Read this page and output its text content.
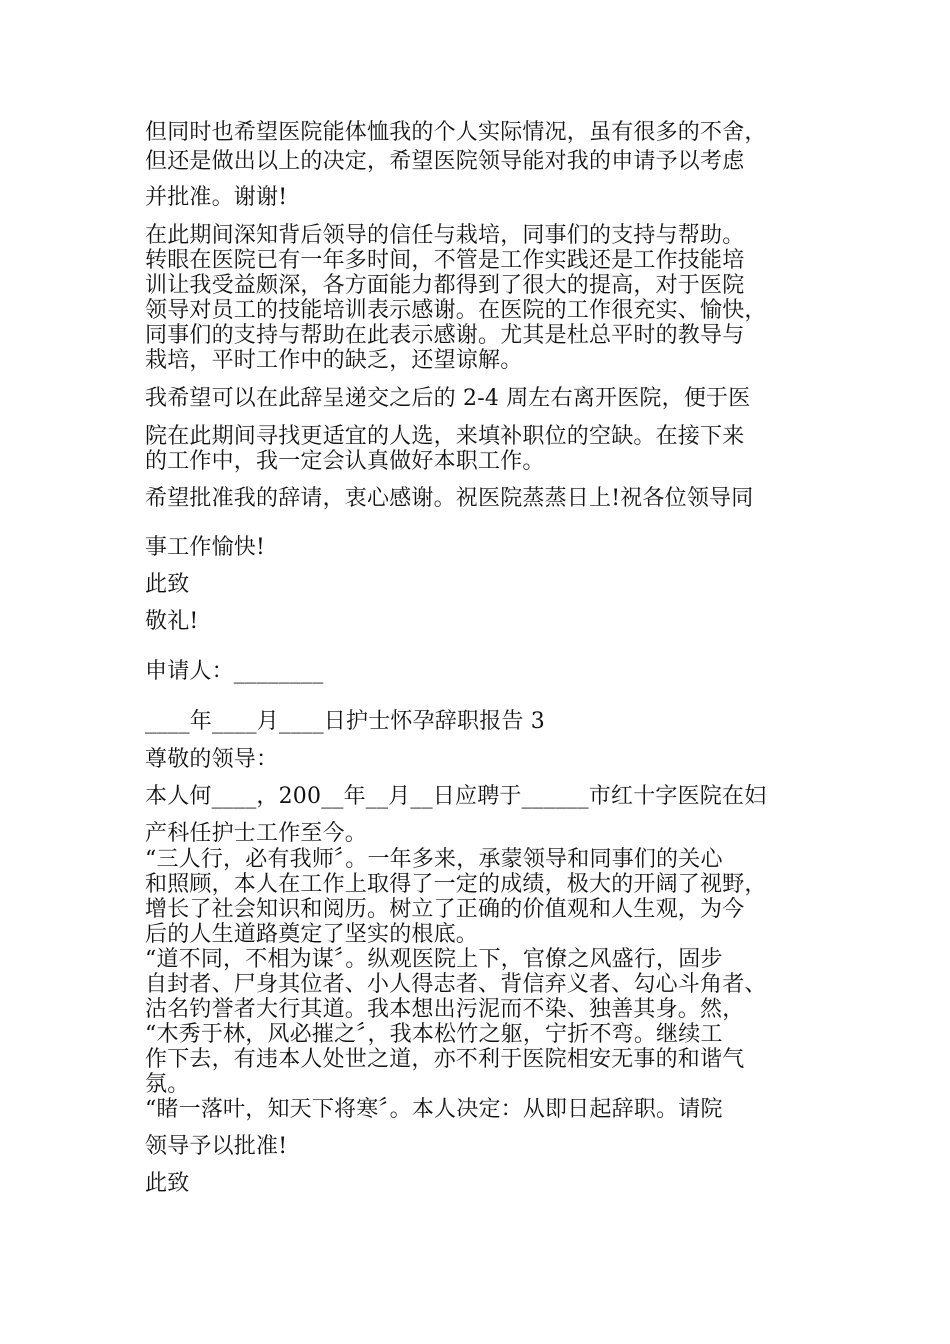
但同时也希望医院能体恤我的个人实际情况，虽有很多的不舍，

但还是做出以上的决定，希望医院领导能对我的申请予以考虑

并批准。谢谢!

在此期间深知背后领导的信任与栽培，同事们的支持与帮助。

转眼在医院已有一年多时间，不管是工作实践还是工作技能培

训让我受益颇深，各方面能力都得到了很大的提高，对于医院

领导对员工的技能培训表示感谢。在医院的工作很充实、愉快，

同事们的支持与帮助在此表示感谢。尤其是杜总平时的教导与

栽培，平时工作中的缺乏，还望谅解。

我希望可以在此辞呈递交之后的 2-4 周左右离开医院，便于医

院在此期间寻找更适宜的人选，来填补职位的空缺。在接下来

的工作中，我一定会认真做好本职工作。

希望批准我的辞请，衷心感谢。祝医院蒸蒸日上!祝各位领导同

事工作愉快!

此致

敬礼!

申请人：________

____年____月____日护士怀孕辞职报告 3

尊敬的领导：

本人何____，200__年__月__日应聘于______市红十字医院在妇

产科任护士工作至今。

“三人行，必有我师〞。一年多来，承蒙领导和同事们的关心

和照顾，本人在工作上取得了一定的成绩，极大的开阔了视野，

增长了社会知识和阅历。树立了正确的价值观和人生观，为今

后的人生道路奠定了坚实的根底。

“道不同，不相为谋〞。纵观医院上下，官僚之风盛行，固步

自封者、尸身其位者、小人得志者、背信弃义者、勾心斗角者、

沽名钓誉者大行其道。我本想出污泥而不染、独善其身。然，

“木秀于林，风必摧之〞，我本松竹之躯，宁折不弯。继续工

作下去，有违本人处世之道，亦不利于医院相安无事的和谐气

氛。

“睹一落叶，知天下将寒〞。本人决定：从即日起辞职。请院

领导予以批准!

此致
